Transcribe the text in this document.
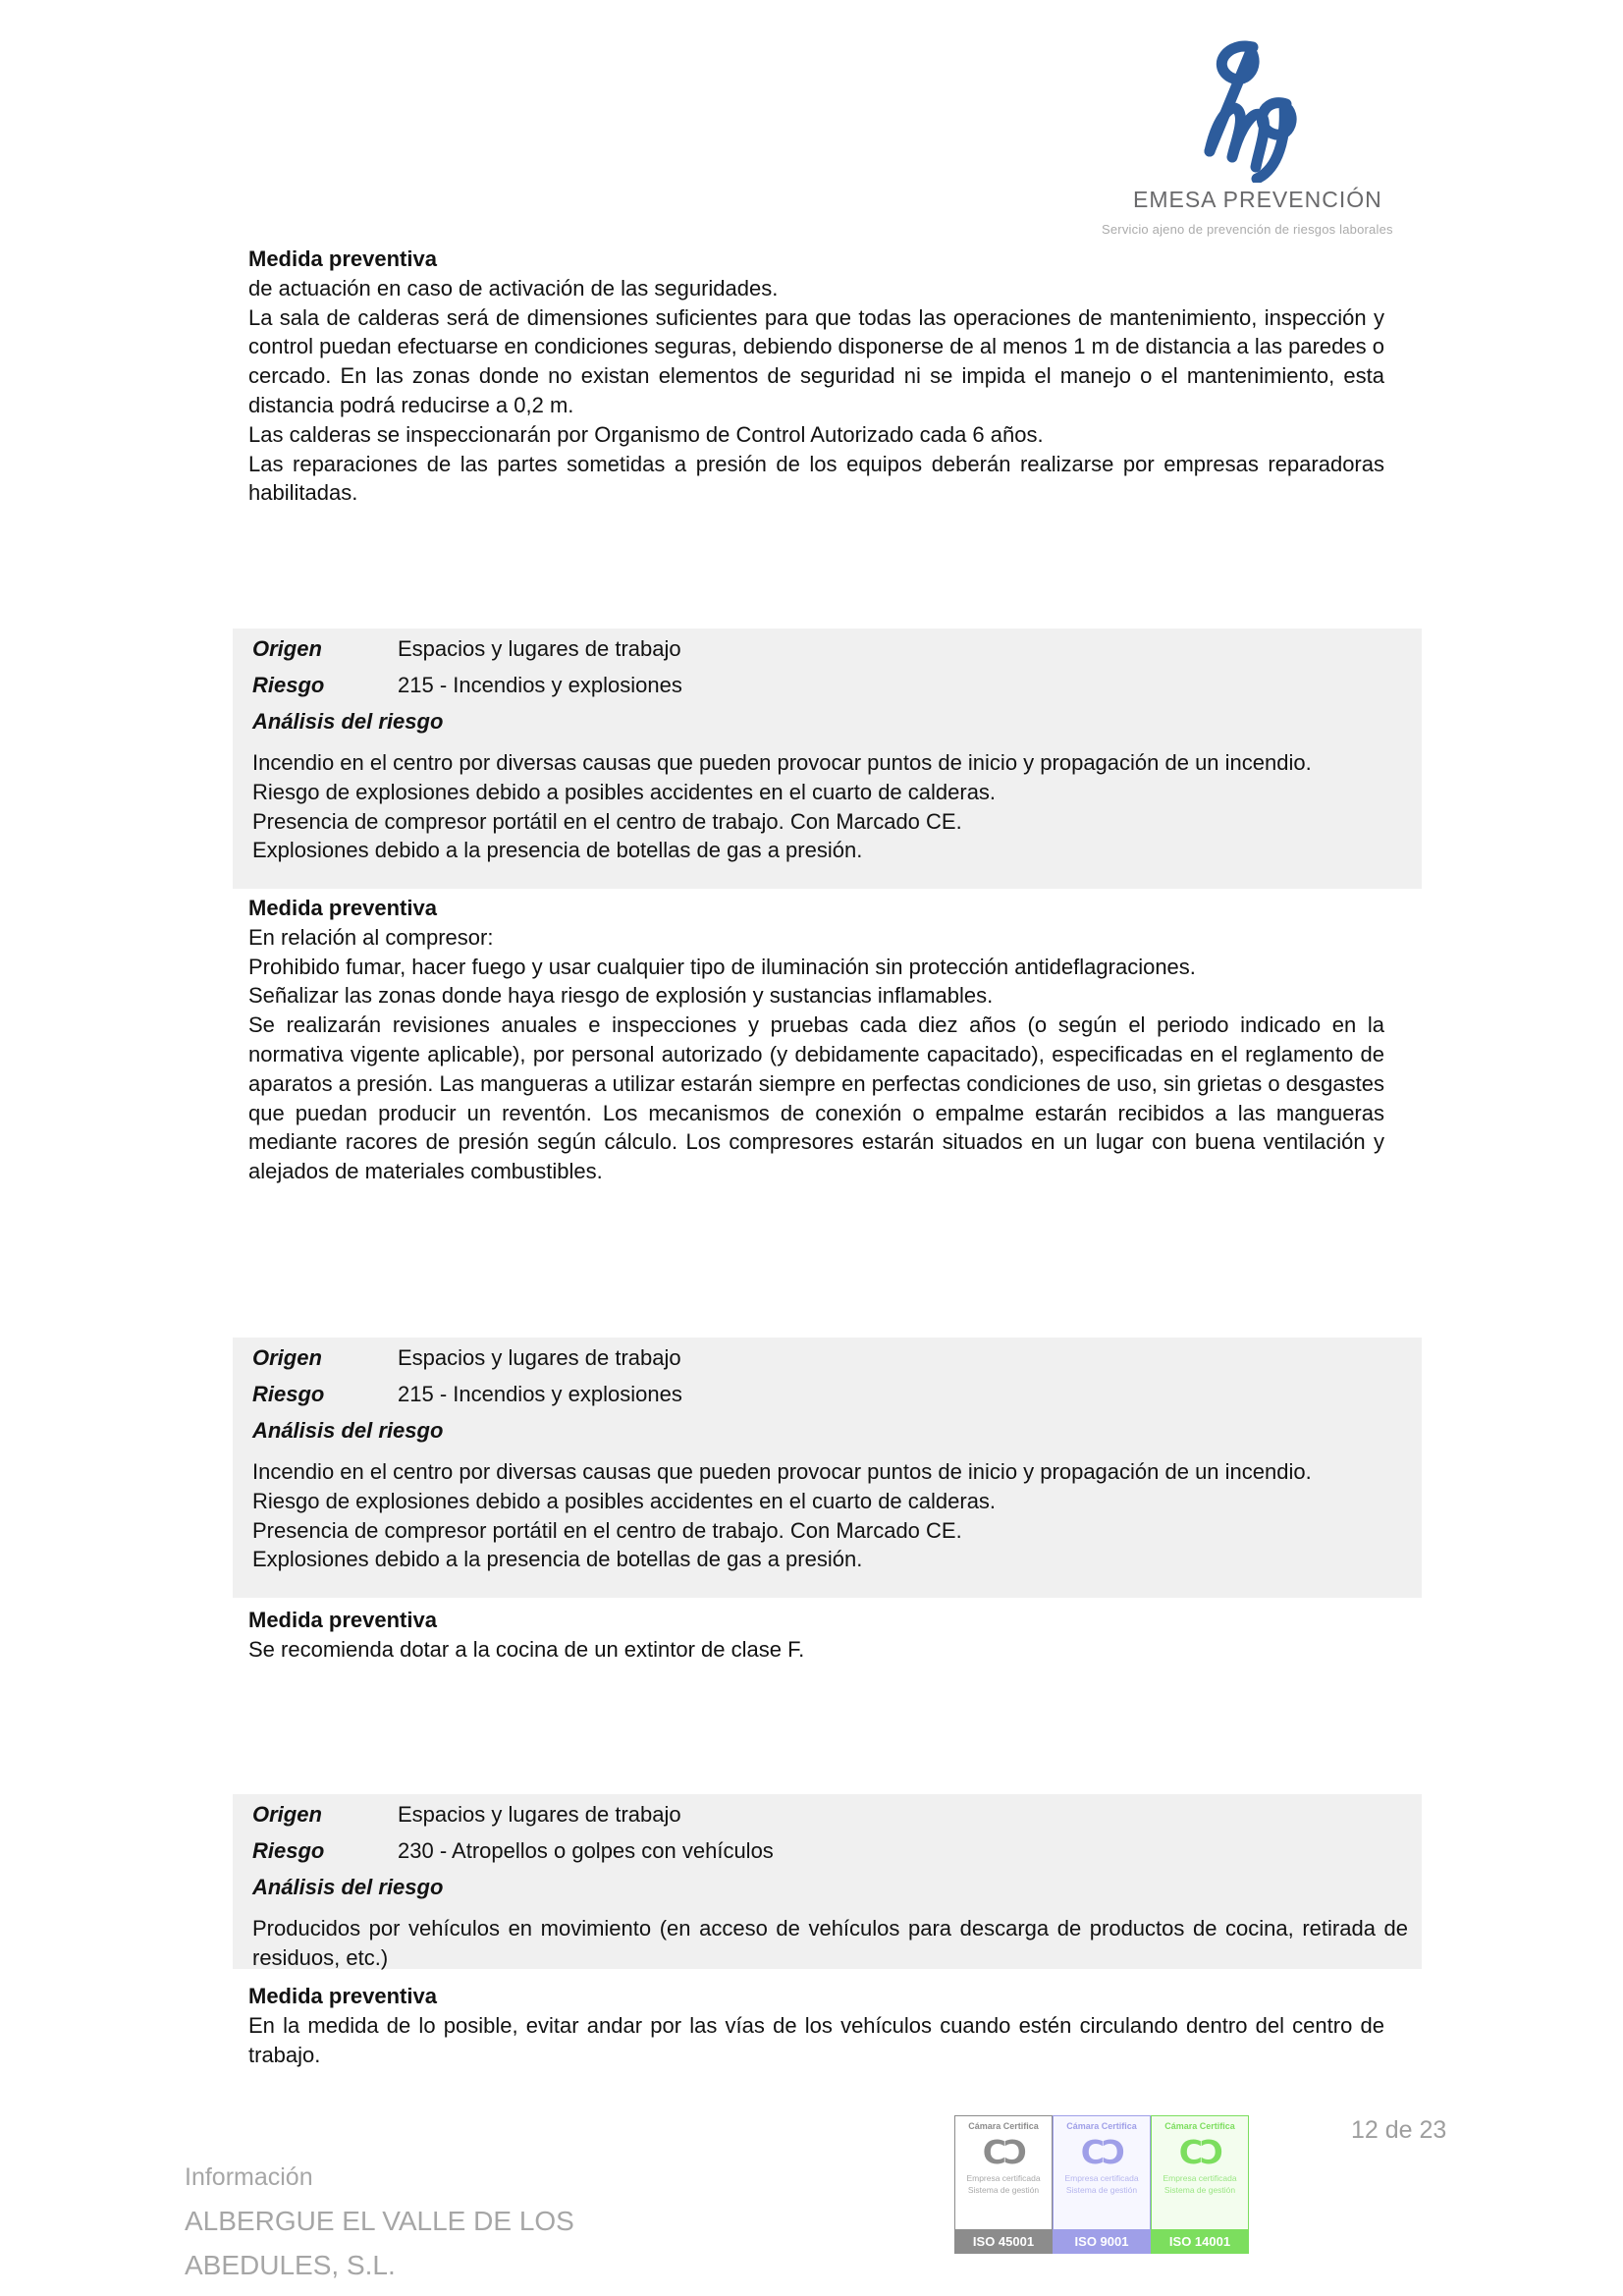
EMESA PREVENCIÓN
Servicio ajeno de prevención de riesgos laborales
Medida preventiva

de actuación en caso de activación de las seguridades.

La sala de calderas será de dimensiones suficientes para que todas las operaciones de mantenimiento, inspección y control puedan efectuarse en condiciones seguras, debiendo disponerse de al menos 1 m de distancia a las paredes o cercado. En las zonas donde no existan elementos de seguridad ni se impida el manejo o el mantenimiento, esta distancia podrá reducirse a 0,2 m.

Las calderas se inspeccionarán por Organismo de Control Autorizado cada 6 años.

Las reparaciones de las partes sometidas a presión de los equipos deberán realizarse por empresas reparadoras habilitadas.

Origen	Espacios y lugares de trabajo
Riesgo	215 - Incendios y explosiones
Análisis del riesgo

Incendio en el centro por diversas causas que pueden provocar puntos de inicio y propagación de un incendio.

Riesgo de explosiones debido a posibles accidentes en el cuarto de calderas.

Presencia de compresor portátil en el centro de trabajo. Con Marcado CE.

Explosiones debido a la presencia de botellas de gas a presión.

Medida preventiva

En relación al compresor:

Prohibido fumar, hacer fuego y usar cualquier tipo de iluminación sin protección antideflagraciones.

Señalizar las zonas donde haya riesgo de explosión y sustancias inflamables.

Se realizarán revisiones anuales e inspecciones y pruebas cada diez años (o según el periodo indicado en la normativa vigente aplicable), por personal autorizado (y debidamente capacitado), especificadas en el reglamento de aparatos a presión. Las mangueras a utilizar estarán siempre en perfectas condiciones de uso, sin grietas o desgastes que puedan producir un reventón. Los mecanismos de conexión o empalme estarán recibidos a las mangueras mediante racores de presión según cálculo. Los compresores estarán situados en un lugar con buena ventilación y alejados de materiales combustibles.

Origen	Espacios y lugares de trabajo
Riesgo	215 - Incendios y explosiones
Análisis del riesgo

Incendio en el centro por diversas causas que pueden provocar puntos de inicio y propagación de un incendio.

Riesgo de explosiones debido a posibles accidentes en el cuarto de calderas.

Presencia de compresor portátil en el centro de trabajo. Con Marcado CE.

Explosiones debido a la presencia de botellas de gas a presión.

Medida preventiva

Se recomienda dotar a la cocina de un extintor de clase F.

Origen	Espacios y lugares de trabajo
Riesgo	230 - Atropellos o golpes con vehículos
Análisis del riesgo

Producidos por vehículos en movimiento (en acceso de vehículos para descarga de productos de cocina, retirada de residuos, etc.)

Medida preventiva

En la medida de lo posible, evitar andar por las vías de los vehículos cuando estén circulando dentro del centro de trabajo.

Información
ALBERGUE EL VALLE DE LOS
ABEDULES, S.L.
Cámara Certifica
CƆ
Empresa certificada
Sistema de gestión
ISO 45001
Cámara Certifica
CƆ
Empresa certificada
Sistema de gestión
ISO 9001
Cámara Certifica
CƆ
Empresa certificada
Sistema de gestión
ISO 14001
12 de 23
